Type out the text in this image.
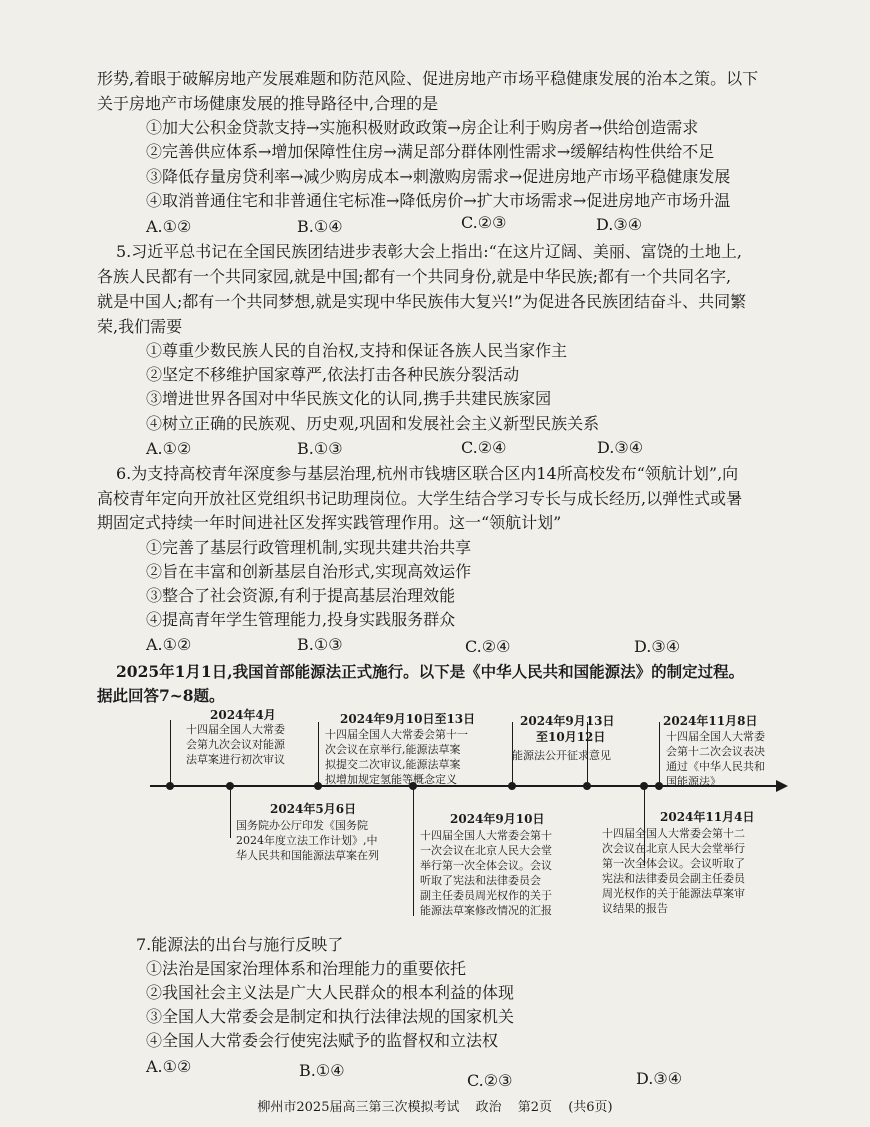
形势,着眼于破解房地产发展难题和防范风险、促进房地产市场平稳健康发展的治本之策。以下
关于房地产市场健康发展的推导路径中,合理的是
①加大公积金贷款支持→实施积极财政政策→房企让利于购房者→供给创造需求
②完善供应体系→增加保障性住房→满足部分群体刚性需求→缓解结构性供给不足
③降低存量房贷利率→减少购房成本→刺激购房需求→促进房地产市场平稳健康发展
④取消普通住宅和非普通住宅标准→降低房价→扩大市场需求→促进房地产市场升温
A.①②	B.①④	C.②③	D.③④
5.习近平总书记在全国民族团结进步表彰大会上指出:“在这片辽阔、美丽、富饶的土地上,
各族人民都有一个共同家园,就是中国;都有一个共同身份,就是中华民族;都有一个共同名字,
就是中国人;都有一个共同梦想,就是实现中华民族伟大复兴!”为促进各民族团结奋斗、共同繁
荣,我们需要
①尊重少数民族人民的自治权,支持和保证各族人民当家作主
②坚定不移维护国家尊严,依法打击各种民族分裂活动
③增进世界各国对中华民族文化的认同,携手共建民族家园
④树立正确的民族观、历史观,巩固和发展社会主义新型民族关系
A.①②	B.①③	C.②④	D.③④
6.为支持高校青年深度参与基层治理,杭州市钱塘区联合区内14所高校发布“领航计划”,向
高校青年定向开放社区党组织书记助理岗位。大学生结合学习专长与成长经历,以弹性式或暑
期固定式持续一年时间进社区发挥实践管理作用。这一“领航计划”
①完善了基层行政管理机制,实现共建共治共享
②旨在丰富和创新基层自治形式,实现高效运作
③整合了社会资源,有利于提高基层治理效能
④提高青年学生管理能力,投身实践服务群众
A.①②	B.①③	C.②④	D.③④
2025年1月1日,我国首部能源法正式施行。以下是《中华人民共和国能源法》的制定过程。
据此回答7~8题。
2024年4月
十四届全国人大常委
会第九次会议对能源
法草案进行初次审议
2024年9月10日至13日
十四届全国人大常委会第十一
次会议在京举行,能源法草案
拟提交二次审议,能源法草案
拟增加规定氢能等概念定义
2024年9月13日
至10月12日
能源法公开征求意见
2024年11月8日
十四届全国人大常委
会第十二次会议表决
通过《中华人民共和
国能源法》
2024年5月6日
国务院办公厅印发《国务院
2024年度立法工作计划》,中
华人民共和国能源法草案在列
2024年9月10日
十四届全国人大常委会第十
一次会议在北京人民大会堂
举行第一次全体会议。会议
听取了宪法和法律委员会
副主任委员周光权作的关于
能源法草案修改情况的汇报
2024年11月4日
十四届全国人大常委会第十二
次会议在北京人民大会堂举行
第一次全体会议。会议听取了
宪法和法律委员会副主任委员
周光权作的关于能源法草案审
议结果的报告
7.能源法的出台与施行反映了
①法治是国家治理体系和治理能力的重要依托
②我国社会主义法是广大人民群众的根本利益的体现
③全国人大常委会是制定和执行法律法规的国家机关
④全国人大常委会行使宪法赋予的监督权和立法权
A.①②	B.①④
C.②③	D.③④
柳州市2025届高三第三次模拟考试 政治 第2页 (共6页)
